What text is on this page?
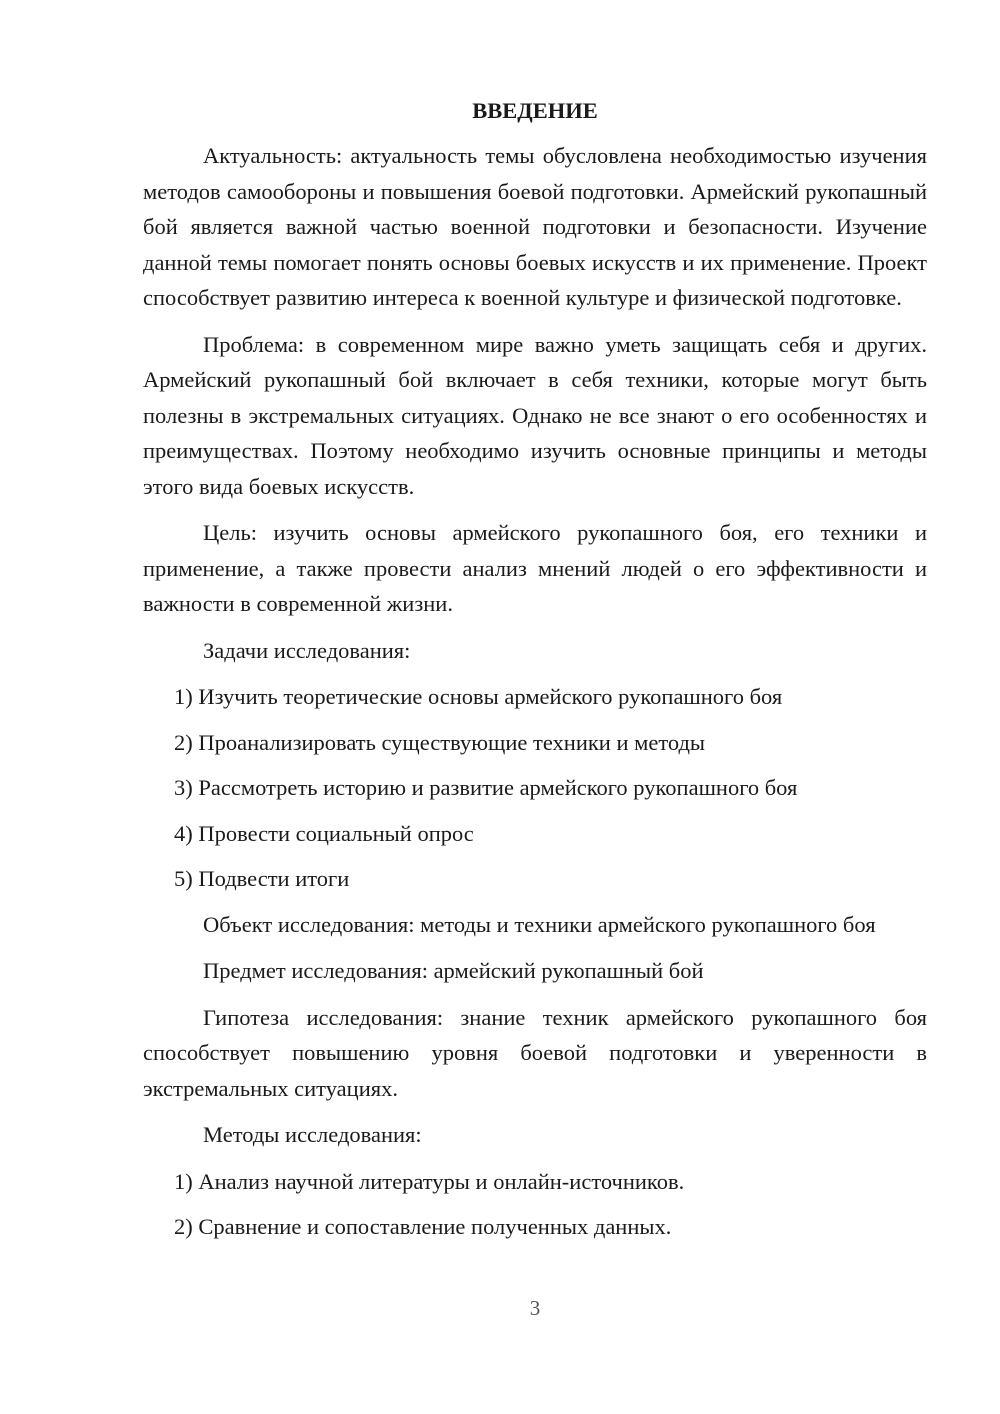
ВВЕДЕНИЕ

Актуальность: актуальность темы обусловлена необходимостью изучения методов самообороны и повышения боевой подготовки. Армейский рукопашный бой является важной частью военной подготовки и безопасности. Изучение данной темы помогает понять основы боевых искусств и их применение. Проект способствует развитию интереса к военной культуре и физической подготовке.

Проблема: в современном мире важно уметь защищать себя и других. Армейский рукопашный бой включает в себя техники, которые могут быть полезны в экстремальных ситуациях. Однако не все знают о его особенностях и преимуществах. Поэтому необходимо изучить основные принципы и методы этого вида боевых искусств.

Цель: изучить основы армейского рукопашного боя, его техники и применение, а также провести анализ мнений людей о его эффективности и важности в современной жизни.

Задачи исследования:

1) Изучить теоретические основы армейского рукопашного боя
2) Проанализировать существующие техники и методы
3) Рассмотреть историю и развитие армейского рукопашного боя
4) Провести социальный опрос
5) Подвести итоги

Объект исследования: методы и техники армейского рукопашного боя

Предмет исследования: армейский рукопашный бой

Гипотеза исследования: знание техник армейского рукопашного боя способствует повышению уровня боевой подготовки и уверенности в экстремальных ситуациях.

Методы исследования:

1) Анализ научной литературы и онлайн-источников.
2) Сравнение и сопоставление полученных данных.
3
